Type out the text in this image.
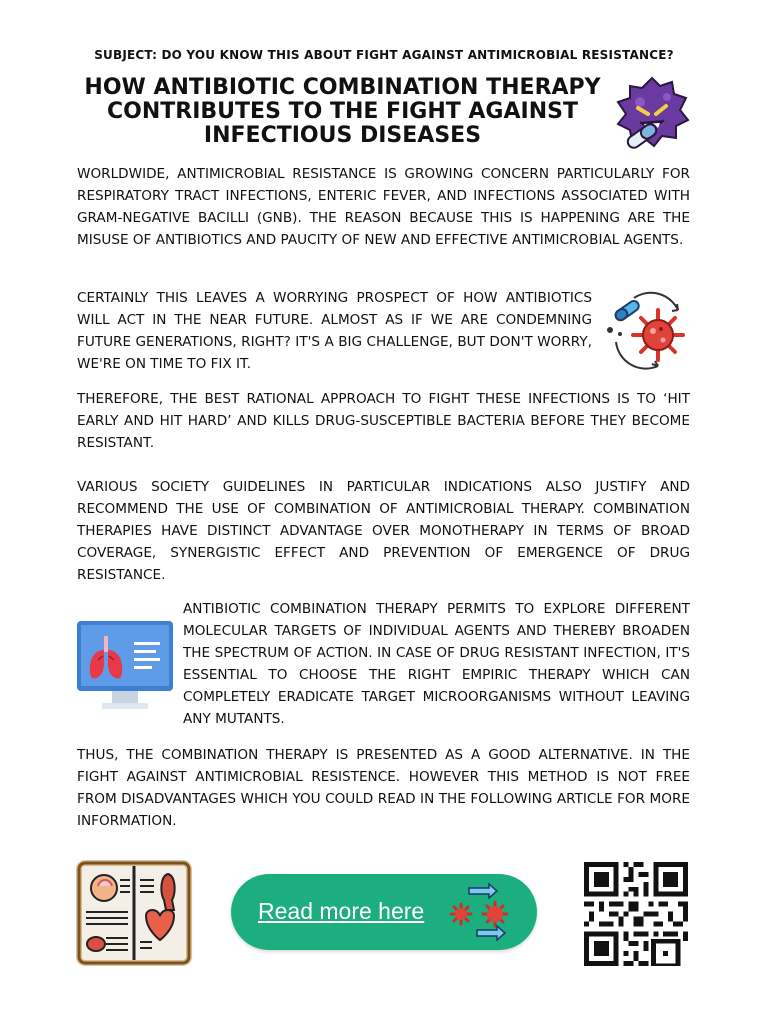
SUBJECT: DO YOU KNOW THIS ABOUT FIGHT AGAINST ANTIMICROBIAL RESISTANCE?
HOW ANTIBIOTIC COMBINATION THERAPY CONTRIBUTES TO THE FIGHT AGAINST INFECTIOUS DISEASES

WORLDWIDE, ANTIMICROBIAL RESISTANCE IS GROWING CONCERN PARTICULARLY FOR RESPIRATORY TRACT INFECTIONS, ENTERIC FEVER, AND INFECTIONS ASSOCIATED WITH GRAM-NEGATIVE BACILLI (GNB). THE REASON BECAUSE THIS IS HAPPENING ARE THE MISUSE OF ANTIBIOTICS AND PAUCITY OF NEW AND EFFECTIVE ANTIMICROBIAL AGENTS.

CERTAINLY THIS LEAVES A WORRYING PROSPECT OF HOW ANTIBIOTICS WILL ACT IN THE NEAR FUTURE. ALMOST AS IF WE ARE CONDEMNING FUTURE GENERATIONS, RIGHT? IT'S A BIG CHALLENGE, BUT DON'T WORRY, WE'RE ON TIME TO FIX IT.

THEREFORE, THE BEST RATIONAL APPROACH TO FIGHT THESE INFECTIONS IS TO ‘HIT EARLY AND HIT HARD’ AND KILLS DRUG-SUSCEPTIBLE BACTERIA BEFORE THEY BECOME RESISTANT.

VARIOUS SOCIETY GUIDELINES IN PARTICULAR INDICATIONS ALSO JUSTIFY AND RECOMMEND THE USE OF COMBINATION OF ANTIMICROBIAL THERAPY. COMBINATION THERAPIES HAVE DISTINCT ADVANTAGE OVER MONOTHERAPY IN TERMS OF BROAD COVERAGE, SYNERGISTIC EFFECT AND PREVENTION OF EMERGENCE OF DRUG RESISTANCE.

ANTIBIOTIC COMBINATION THERAPY PERMITS TO EXPLORE DIFFERENT MOLECULAR TARGETS OF INDIVIDUAL AGENTS AND THEREBY BROADEN THE SPECTRUM OF ACTION. IN CASE OF DRUG RESISTANT INFECTION, IT'S ESSENTIAL TO CHOOSE THE RIGHT EMPIRIC THERAPY WHICH CAN COMPLETELY ERADICATE TARGET MICROORGANISMS WITHOUT LEAVING ANY MUTANTS.

THUS, THE COMBINATION THERAPY IS PRESENTED AS A GOOD ALTERNATIVE. IN THE FIGHT AGAINST ANTIMICROBIAL RESISTENCE. HOWEVER THIS METHOD IS NOT FREE FROM DISADVANTAGES WHICH YOU COULD READ IN THE FOLLOWING ARTICLE FOR MORE INFORMATION.

Read more here
